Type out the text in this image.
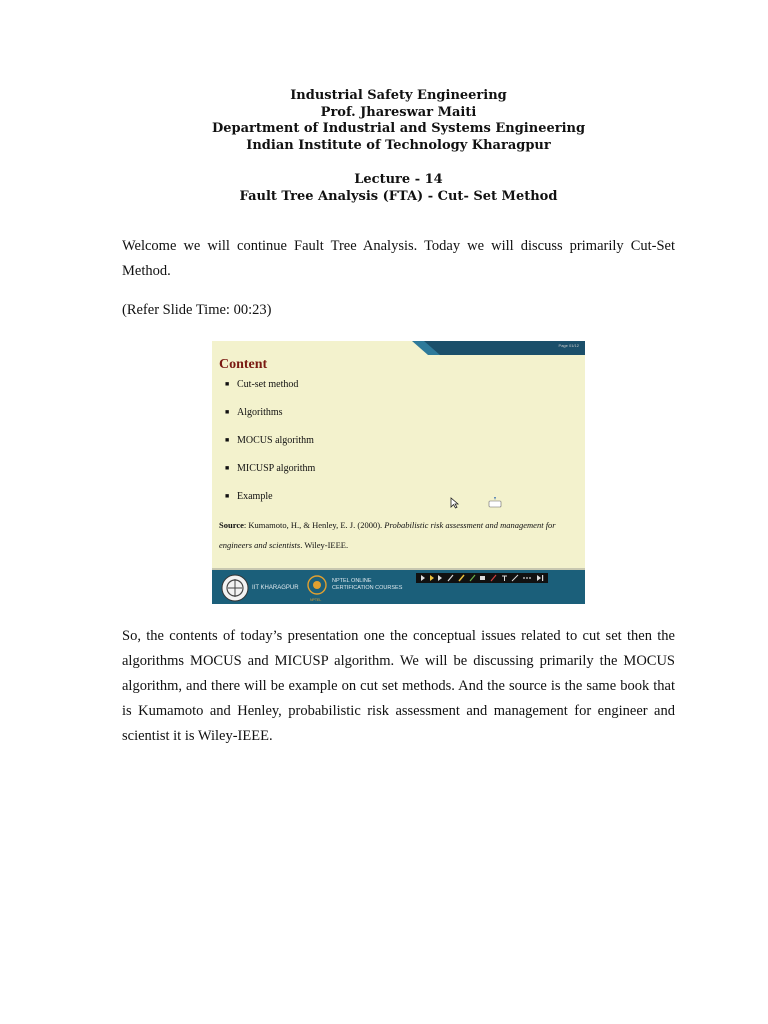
Industrial Safety Engineering
Prof. Jhareswar Maiti
Department of Industrial and Systems Engineering
Indian Institute of Technology Kharagpur
Lecture - 14
Fault Tree Analysis (FTA) - Cut- Set Method
Welcome we will continue Fault Tree Analysis. Today we will discuss primarily Cut-Set Method.
(Refer Slide Time: 00:23)
Page 01/12
Content
■ Cut-set method
■ Algorithms
■ MOCUS algorithm
■ MICUSP algorithm
■ Example
Source: Kumamoto, H., & Henley, E. J. (2000). Probabilistic risk assessment and management for engineers and scientists. Wiley-IEEE.
IIT KHARAGPUR
NPTEL ONLINE
CERTIFICATION COURSES
NPTEL
So, the contents of today’s presentation one the conceptual issues related to cut set then the algorithms MOCUS and MICUSP algorithm. We will be discussing primarily the MOCUS algorithm, and there will be example on cut set methods. And the source is the same book that is Kumamoto and Henley, probabilistic risk assessment and management for engineer and scientist it is Wiley-IEEE.
